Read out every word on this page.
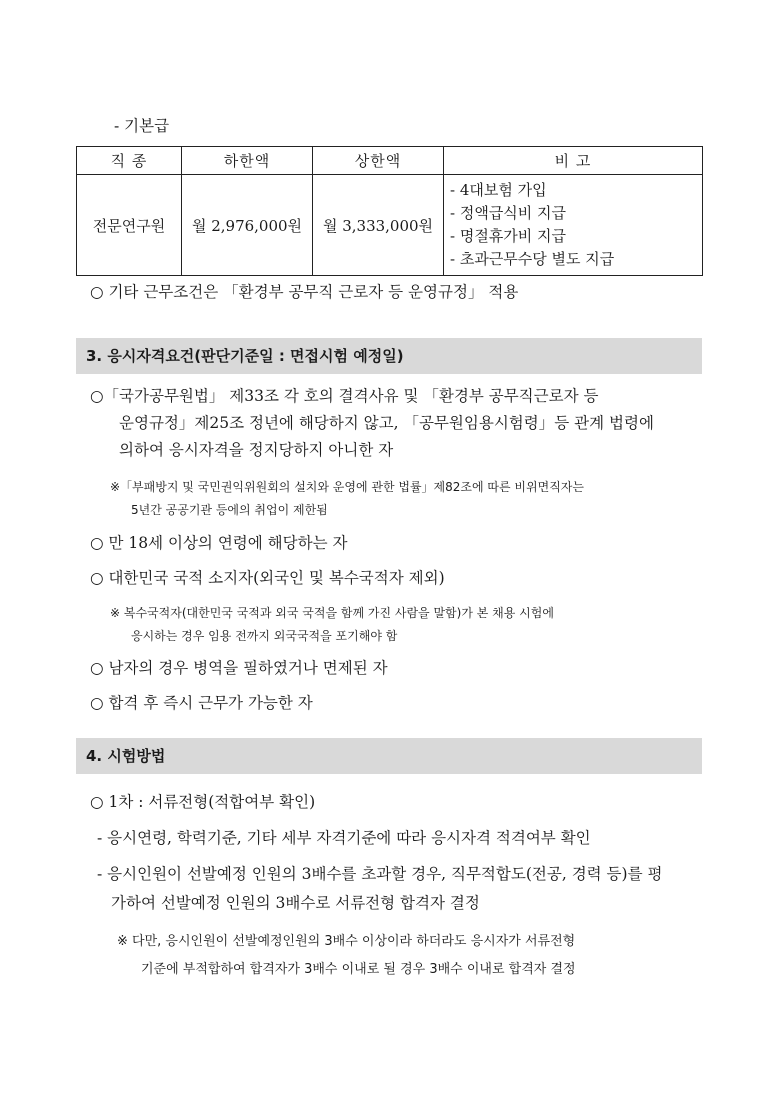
- 기본급
직 종	하한액	상한액	비 고
전문연구원	월 2,976,000원	월 3,333,000원	- 4대보험 가입
- 정액급식비 지급
- 명절휴가비 지급
- 초과근무수당 별도 지급
○ 기타 근무조건은 「환경부 공무직 근로자 등 운영규정」 적용
3. 응시자격요건(판단기준일 : 면접시험 예정일)
○「국가공무원법」 제33조 각 호의 결격사유 및 「환경부 공무직근로자 등
운영규정」제25조 정년에 해당하지 않고, 「공무원임용시험령」등 관계 법령에
의하여 응시자격을 정지당하지 아니한 자
※「부패방지 및 국민권익위원회의 설치와 운영에 관한 법률」제82조에 따른 비위면직자는
5년간 공공기관 등에의 취업이 제한됨
○ 만 18세 이상의 연령에 해당하는 자
○ 대한민국 국적 소지자(외국인 및 복수국적자 제외)
※ 복수국적자(대한민국 국적과 외국 국적을 함께 가진 사람을 말함)가 본 채용 시험에
응시하는 경우 임용 전까지 외국국적을 포기해야 함
○ 남자의 경우 병역을 필하였거나 면제된 자
○ 합격 후 즉시 근무가 가능한 자
4. 시험방법
○ 1차 : 서류전형(적합여부 확인)
- 응시연령, 학력기준, 기타 세부 자격기준에 따라 응시자격 적격여부 확인
- 응시인원이 선발예정 인원의 3배수를 초과할 경우, 직무적합도(전공, 경력 등)를 평
가하여 선발예정 인원의 3배수로 서류전형 합격자 결정
※ 다만, 응시인원이 선발예정인원의 3배수 이상이라 하더라도 응시자가 서류전형
기준에 부적합하여 합격자가 3배수 이내로 될 경우 3배수 이내로 합격자 결정
